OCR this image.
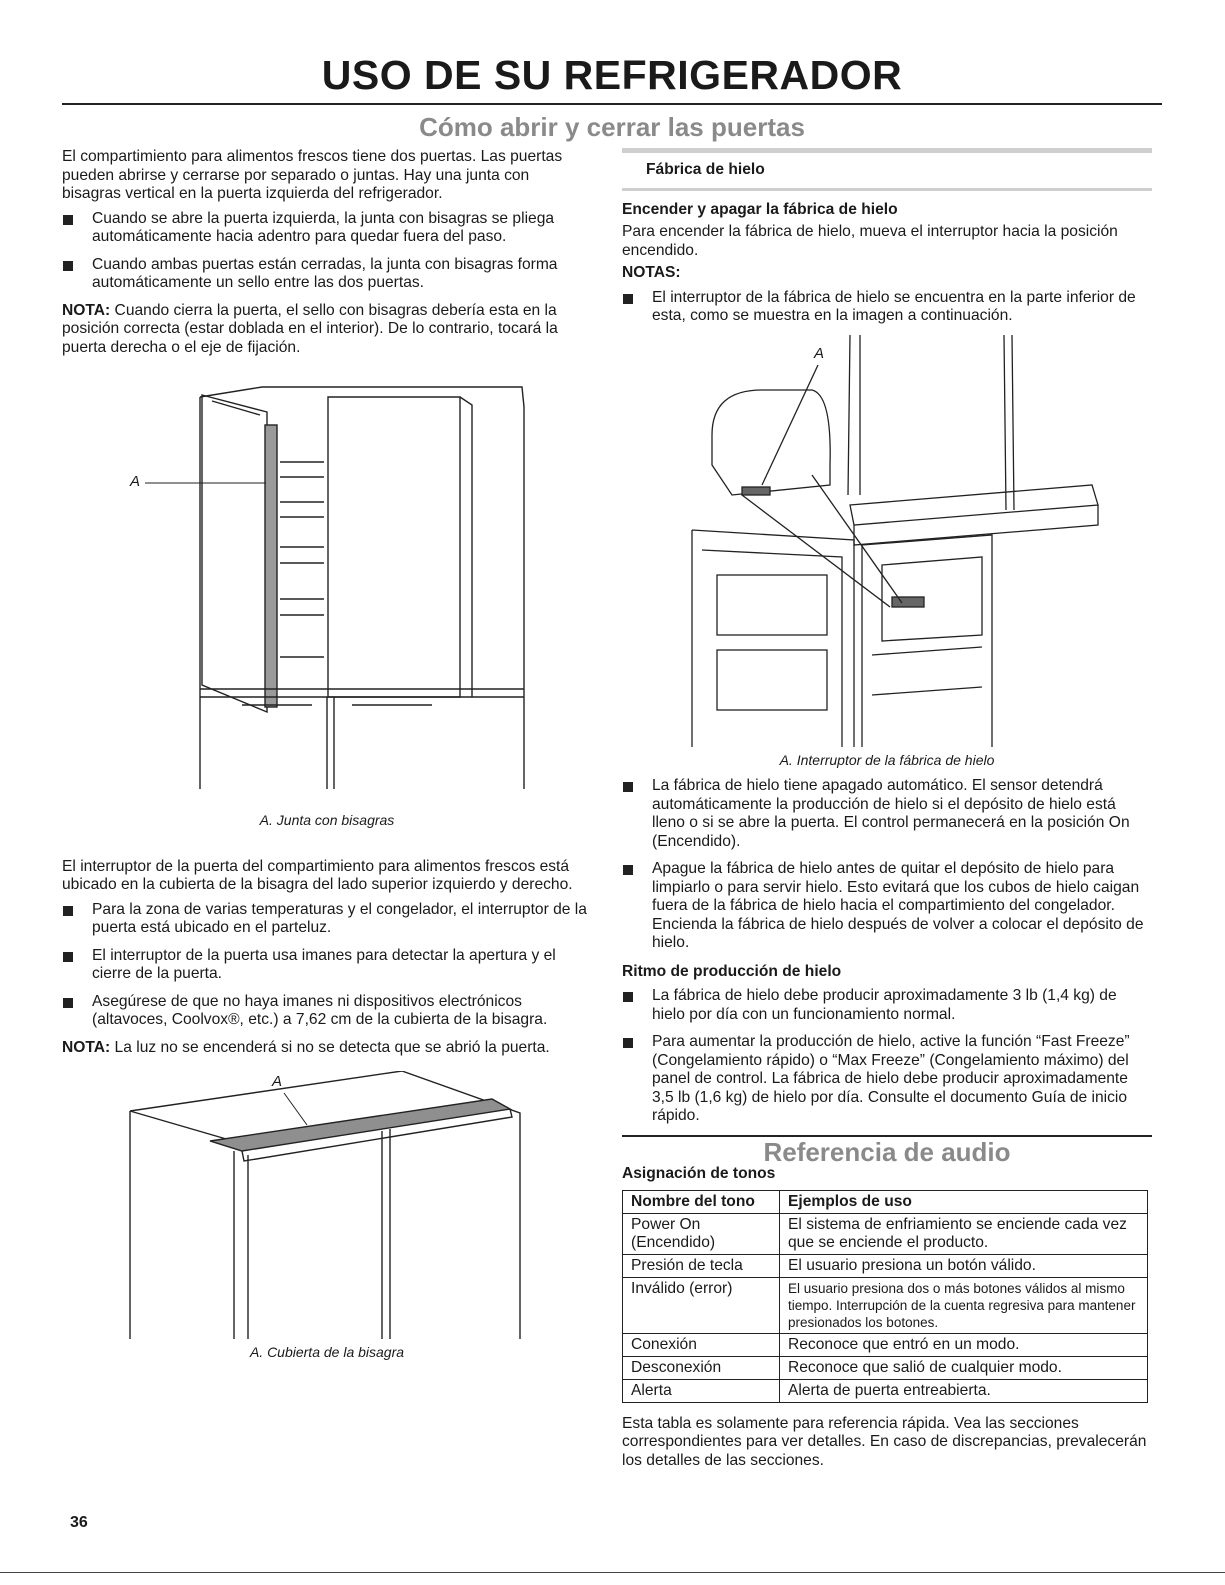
USO DE SU REFRIGERADOR
Cómo abrir y cerrar las puertas

El compartimiento para alimentos frescos tiene dos puertas. Las puertas pueden abrirse y cerrarse por separado o juntas. Hay una junta con bisagras vertical en la puerta izquierda del refrigerador.

Cuando se abre la puerta izquierda, la junta con bisagras se pliega automáticamente hacia adentro para quedar fuera del paso.
Cuando ambas puertas están cerradas, la junta con bisagras forma automáticamente un sello entre las dos puertas.

NOTA: Cuando cierra la puerta, el sello con bisagras debería esta en la posición correcta (estar doblada en el interior). De lo contrario, tocará la puerta derecha o el eje de fijación.

A
A. Junta con bisagras

El interruptor de la puerta del compartimiento para alimentos frescos está ubicado en la cubierta de la bisagra del lado superior izquierdo y derecho.

Para la zona de varias temperaturas y el congelador, el interruptor de la puerta está ubicado en el parteluz.
El interruptor de la puerta usa imanes para detectar la apertura y el cierre de la puerta.
Asegúrese de que no haya imanes ni dispositivos electrónicos (altavoces, Coolvox®, etc.) a 7,62 cm de la cubierta de la bisagra.

NOTA: La luz no se encenderá si no se detecta que se abrió la puerta.

A
A. Cubierta de la bisagra
Fábrica de hielo
Encender y apagar la fábrica de hielo

Para encender la fábrica de hielo, mueva el interruptor hacia la posición encendido.

NOTAS:
El interruptor de la fábrica de hielo se encuentra en la parte inferior de esta, como se muestra en la imagen a continuación.
A
A. Interruptor de la fábrica de hielo
La fábrica de hielo tiene apagado automático. El sensor detendrá automáticamente la producción de hielo si el depósito de hielo está lleno o si se abre la puerta. El control permanecerá en la posición On (Encendido).
Apague la fábrica de hielo antes de quitar el depósito de hielo para limpiarlo o para servir hielo. Esto evitará que los cubos de hielo caigan fuera de la fábrica de hielo hacia el compartimiento del congelador. Encienda la fábrica de hielo después de volver a colocar el depósito de hielo.
Ritmo de producción de hielo
La fábrica de hielo debe producir aproximadamente 3 lb (1,4 kg) de hielo por día con un funcionamiento normal.
Para aumentar la producción de hielo, active la función “Fast Freeze” (Congelamiento rápido) o “Max Freeze” (Congelamiento máximo) del panel de control. La fábrica de hielo debe producir aproximadamente 3,5 lb (1,6 kg) de hielo por día. Consulte el documento Guía de inicio rápido.
Referencia de audio
Asignación de tonos
Nombre del tono	Ejemplos de uso
Power On (Encendido)	El sistema de enfriamiento se enciende cada vez que se enciende el producto.
Presión de tecla	El usuario presiona un botón válido.
Inválido (error)	El usuario presiona dos o más botones válidos al mismo tiempo. Interrupción de la cuenta regresiva para mantener presionados los botones.
Conexión	Reconoce que entró en un modo.
Desconexión	Reconoce que salió de cualquier modo.
Alerta	Alerta de puerta entreabierta.

Esta tabla es solamente para referencia rápida. Vea las secciones correspondientes para ver detalles. En caso de discrepancias, prevalecerán los detalles de las secciones.

36
